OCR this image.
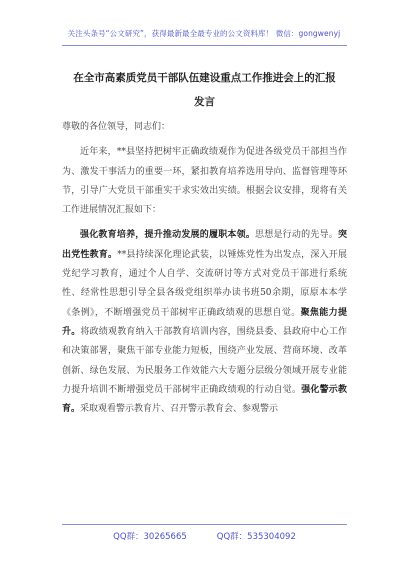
关注头条号“公文研究”，获得最新最全最专业的公文资料库！ 微信：gongwenyj
在全市高素质党员干部队伍建设重点工作推进会上的汇报
发言

尊敬的各位领导，同志们：

近年来，**县坚持把树牢正确政绩观作为促进各级党员干部担当作为、激发干事活力的重要一环，紧扣教育培养选用导向、监督管理等环节，引导广大党员干部重实干求实效出实绩。根据会议安排，现将有关工作进展情况汇报如下：

强化教育培养，提升推动发展的履职本领。思想是行动的先导。突出党性教育。**县持续深化理论武装，以锤炼党性为出发点，深入开展党纪学习教育，通过个人自学、交流研讨等方式对党员干部进行系统性、经常性思想引导全县各级党组织举办读书班50余期，原原本本学《条例》，不断增强党员干部树牢正确政绩观的思想自觉。聚焦能力提升。将政绩观教育纳入干部教育培训内容，围绕县委、县政府中心工作和决策部署，聚焦干部专业能力短板，围绕产业发展、营商环境、改革创新、绿色发展、为民服务工作效能六大专题分层级分领域开展专业能力提升培训不断增强党员干部树牢正确政绩观的行动自觉。强化警示教育。采取观看警示教育片、召开警示教育会、参观警示

QQ群：30265665	QQ群：535304092
